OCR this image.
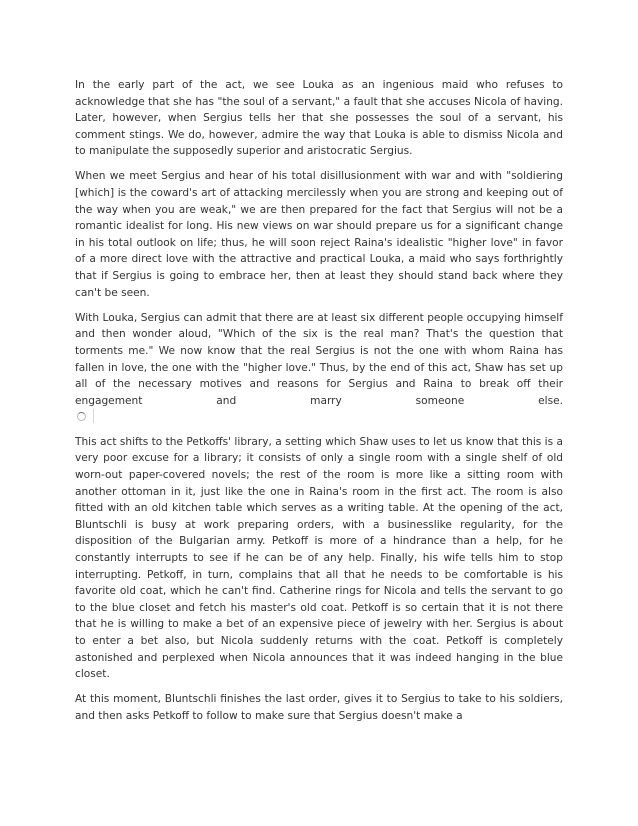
In the early part of the act, we see Louka as an ingenious maid who refuses to acknowledge that she has "the soul of a servant," a fault that she accuses Nicola of having. Later, however, when Sergius tells her that she possesses the soul of a servant, his comment stings. We do, however, admire the way that Louka is able to dismiss Nicola and to manipulate the supposedly superior and aristocratic Sergius.

When we meet Sergius and hear of his total disillusionment with war and with "soldiering [which] is the coward's art of attacking mercilessly when you are strong and keeping out of the way when you are weak," we are then prepared for the fact that Sergius will not be a romantic idealist for long. His new views on war should prepare us for a significant change in his total outlook on life; thus, he will soon reject Raina's idealistic "higher love" in favor of a more direct love with the attractive and practical Louka, a maid who says forthrightly that if Sergius is going to embrace her, then at least they should stand back where they can't be seen.

With Louka, Sergius can admit that there are at least six different people occupying himself and then wonder aloud, "Which of the six is the real man? That's the question that torments me." We now know that the real Sergius is not the one with whom Raina has fallen in love, the one with the "higher love." Thus, by the end of this act, Shaw has set up all of the necessary motives and reasons for Sergius and Raina to break off their engagement and marry someone else.

This act shifts to the Petkoffs' library, a setting which Shaw uses to let us know that this is a very poor excuse for a library; it consists of only a single room with a single shelf of old worn-out paper-covered novels; the rest of the room is more like a sitting room with another ottoman in it, just like the one in Raina's room in the first act. The room is also fitted with an old kitchen table which serves as a writing table. At the opening of the act, Bluntschli is busy at work preparing orders, with a businesslike regularity, for the disposition of the Bulgarian army. Petkoff is more of a hindrance than a help, for he constantly interrupts to see if he can be of any help. Finally, his wife tells him to stop interrupting. Petkoff, in turn, complains that all that he needs to be comfortable is his favorite old coat, which he can't find. Catherine rings for Nicola and tells the servant to go to the blue closet and fetch his master's old coat. Petkoff is so certain that it is not there that he is willing to make a bet of an expensive piece of jewelry with her. Sergius is about to enter a bet also, but Nicola suddenly returns with the coat. Petkoff is completely astonished and perplexed when Nicola announces that it was indeed hanging in the blue closet.

At this moment, Bluntschli finishes the last order, gives it to Sergius to take to his soldiers, and then asks Petkoff to follow to make sure that Sergius doesn't make a
